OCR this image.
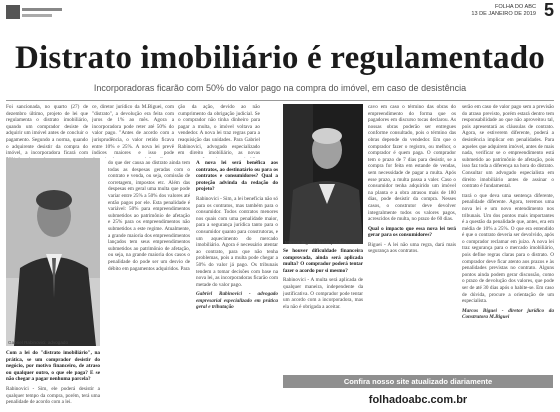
FOLHA DO ABC
13 DE JANEIRO DE 2019 5
Distrato imobiliário é regulamentado
Incorporadoras ficarão com 50% do valor pago na compra do imóvel, em caso de desistência

Foi sancionada, no quarto (27) de dezembro último, projeto de lei que regulamenta o distrato imobiliário, quando um comprador desiste de adquirir um imóvel antes de concluir o pagamento. Segundo a norma, quando o adquirente desistir da compra do imóvel, a incorporadora ficará com

ce, diretor jurídico da M.Biguei, com "distrato", a devolução era feita com juros de 1% ao mês. Agora a incorporadora pode reter até 50% do valor pago. "Antes de acordo com a jurisprudência, o valor retido ficava entre 10% e 25%. A nova lei prevê índices maiores e isso pode

ção da ação, devido ao não cumprimento da obrigação judicial. Se o comprador não tinha dinheiro para pagar a multa, o imóvel voltava ao vendedor. A nova lei traz regras para a reaquisição das unidades. Para Gabriel Rabinovici, advogado especializado em direito imobiliário, as novas

Gabriel Rabinovici: advogado

Com a lei do "distrato imobiliário", na prática, se um comprador desistir do negócio, por motivo financeiro, de atraso ou qualquer outro, o que ele paga? E se não chegar a pagar nenhuma parcela?

Rabinovici - Sim, ele poderá desistir a qualquer tempo da compra, porém, terá uma penalidade de acordo com a lei.

do que der causa ao distrato ainda tem todas as despesas geradas com o contrato e venda, ou seja, comissão de corretagem, impostos etc. Além das despesas em geral uma multa que pode variar entre 25% a 50% dos valores até então pagos por ele. Esta penalidade é variável: 50% para empreendimentos submetidos ao patrimônio de afetação e 25% para os empreendimentos não submetidos a este regime. Atualmente, a grande maioria dos empreendimentos lançados tem seus empreendimentos submetidos ao patrimônio de afetação, ou seja, na grande maioria dos casos o penalidade do pode ser um desvio de débito em pagamentos adquiridos. Para

A nova lei será benéfica aos contratos, ao destinatário ou para os contratos e consumidores? Qual a proteção advinda da redação do projeto?

Rabinovici - Sim, a lei beneficia não só para os contratos, mas também para o consumidor. Todos contratos menores nos quais com uma penalidade maior, para a segurança jurídica tanto para o consumidor quanto para construtoras, e um aquecimento do mercado imobiliário. Agora é necessário atentar ao contrato, para que não tenha problemas, pois a multa pode chegar a 50% do valor já pago. Os tribunais tendem a tomar decisões com base na nova lei, as incorporadoras ficarão com metade do valor pago.

Gabriel Rabinovici - advogado empresarial especializado em prática geral e tributação

Marcos Biguei: diretor jurídico

Se houver dificuldade financeira comprovada, ainda será aplicada multa? O comprador poderá tentar fazer o acordo por si mesmo?

Rabinovici - A multa será aplicada de qualquer maneira, independente da justificativa. O comprador pode tentar um acordo com a incorporadora, mas ela não é obrigada a aceitar.

cavo em caso o término das obras do empreendimento do forma que os pagadores em discurso tocas declarou. As nossas obras poderão ser entregues conforme consultado, pois o término das obras depende do vendedor. Em que o comprador fazer o registro, ou melhor, o comprador é quem paga. O comprador tem o prazo de 7 dias para desistir, se a compra for feita em estande de vendas, sem necessidade de pagar a multa. Após esse prazo, a multa passa a valer. Caso o consumidor tenha adquirido um imóvel na planta e a obra atrasou mais de 180 dias, pode desistir da compra. Nesses casos, o construtor deve devolver integralmente todos os valores pagos, acrescidos de multa, no prazo de 60 dias.

Qual o impacto que essa nova lei terá gerar para os consumidores?

Biguei - A lei não uma regra, dará mais segurança aos contratos.

serão em caso de valor pago sem a previsão do atraso previsto, porém estará dentro tem responsabilidade ao que não aproveitou tal, pois apresentará as cláusulas de contrato. Agora, se estiverem diferente, poderá a desistência implicar em penalidades. Para aqueles que adquirem imóvel, antes de mais nada, verificar se o empreendimento está submetido ao patrimônio de afetação, pois isso faz toda a diferença na hora do distrato. Consultar um advogado especialista em direito imobiliário antes de assinar o contrato é fundamental.

trará o que deva uma sentença diferente, penalidade diferente. Agora, teremos uma nova lei e um novo entendimento nos tribunais. Um dos pontos mais importantes é a questão da penalidade que, antes, era em média de 10% a 25%. O que era entendido é que o contrato deveria ser devolvido, após o comprador reclamar em juízo. A nova lei traz segurança para o mercado imobiliário, pois define regras claras para o distrato. O comprador deve ficar atento aos prazos e às penalidades previstas no contrato. Alguns pontos ainda podem gerar discussão, como o prazo de devolução dos valores, que pode ser de até 30 dias após o habite-se. Em caso de dúvida, procure a orientação de um especialista.

Marcos Biguei - diretor jurídico da Construtora M.Biguei

Confira nosso site atualizado diariamente
folhadoabc.com.br
